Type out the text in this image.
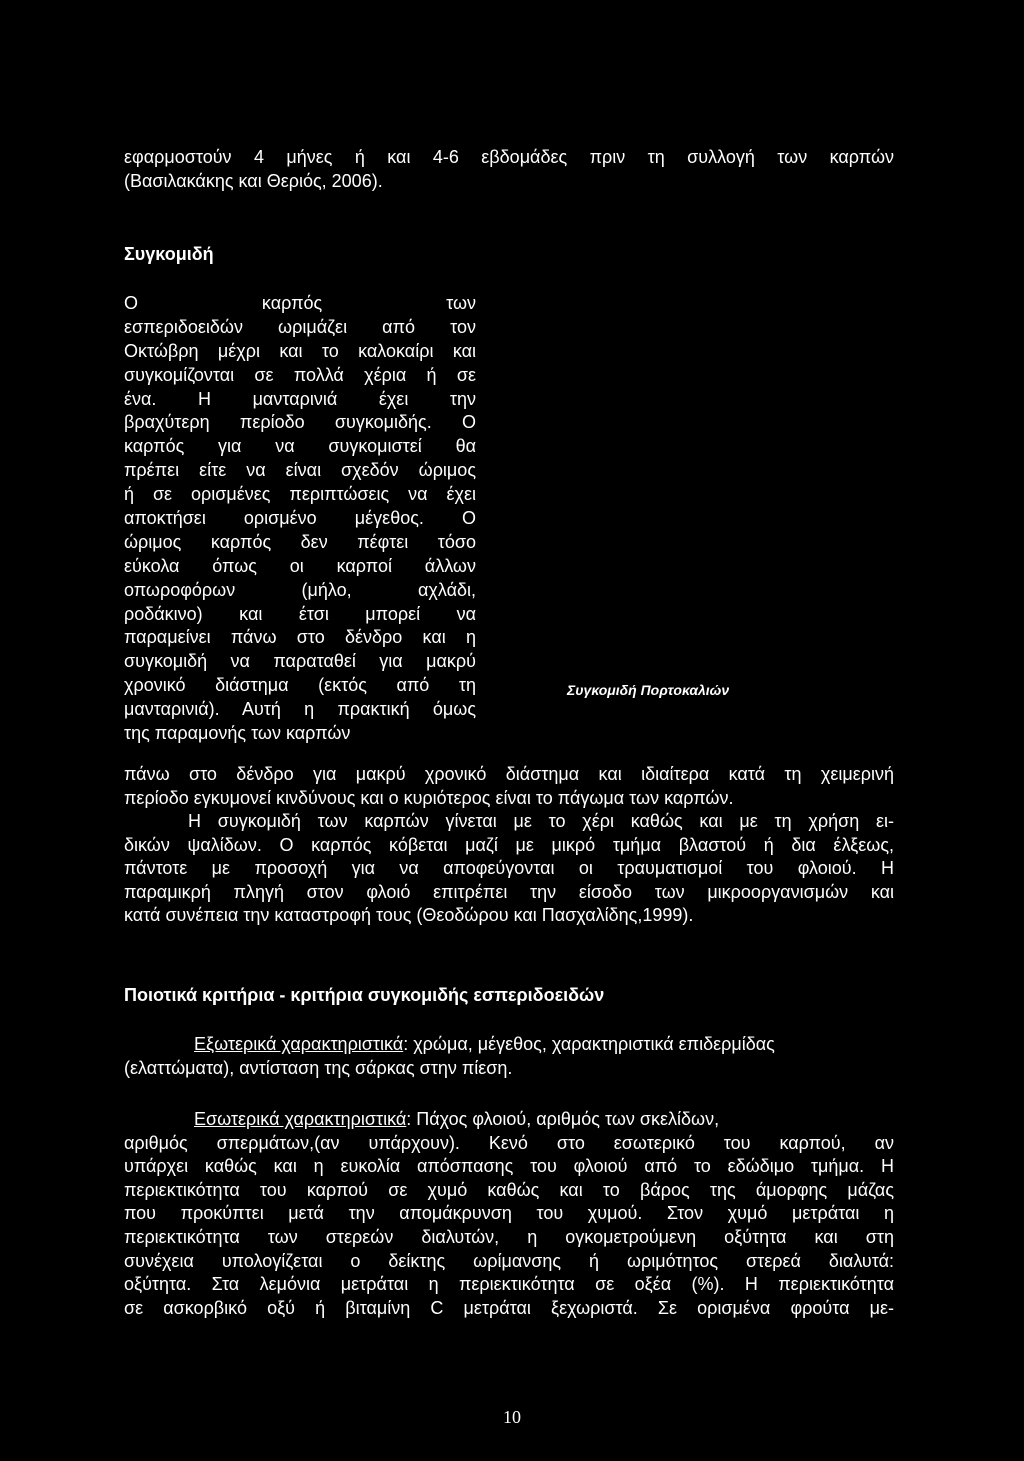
εφαρμοστούν 4 μήνες ή και 4-6 εβδομάδες πριν τη συλλογή των καρπών
(Βασιλακάκης και Θεριός, 2006).
Συγκομιδή
Ο καρπός των
εσπεριδοειδών ωριμάζει από τον
Οκτώβρη μέχρι και το καλοκαίρι και
συγκομίζονται σε πολλά χέρια ή σε
ένα. Η μανταρινιά έχει την
βραχύτερη περίοδο συγκομιδής. Ο
καρπός για να συγκομιστεί θα
πρέπει είτε να είναι σχεδόν ώριμος
ή σε ορισμένες περιπτώσεις να έχει
αποκτήσει ορισμένο μέγεθος. Ο
ώριμος καρπός δεν πέφτει τόσο
εύκολα όπως οι καρποί άλλων
οπωροφόρων (μήλο, αχλάδι,
ροδάκινο) και έτσι μπορεί να
παραμείνει πάνω στο δένδρο και η
συγκομιδή να παραταθεί για μακρύ
χρονικό διάστημα (εκτός από τη
μανταρινιά). Αυτή η πρακτική όμως
της παραμονής των καρπών
Συγκομιδή Πορτοκαλιών
πάνω στο δένδρο για μακρύ χρονικό διάστημα και ιδιαίτερα κατά τη χειμερινή
περίοδο εγκυμονεί κινδύνους και ο κυριότερος είναι το πάγωμα των καρπών.
Η συγκομιδή των καρπών γίνεται με το χέρι καθώς και με τη χρήση ει-
δικών ψαλίδων. Ο καρπός κόβεται μαζί με μικρό τμήμα βλαστού ή δια έλξεως,
πάντοτε με προσοχή για να αποφεύγονται οι τραυματισμοί του φλοιού. Η
παραμικρή πληγή στον φλοιό επιτρέπει την είσοδο των μικροοργανισμών και
κατά συνέπεια την καταστροφή τους (Θεοδώρου και Πασχαλίδης,1999).
Ποιοτικά κριτήρια - κριτήρια συγκομιδής εσπεριδοειδών
Εξωτερικά χαρακτηριστικά: χρώμα, μέγεθος, χαρακτηριστικά επιδερμίδας
(ελαττώματα), αντίσταση της σάρκας στην πίεση.
Εσωτερικά χαρακτηριστικά: Πάχος φλοιού, αριθμός των σκελίδων,
αριθμός σπερμάτων,(αν υπάρχουν). Κενό στο εσωτερικό του καρπού, αν
υπάρχει καθώς και η ευκολία απόσπασης του φλοιού από το εδώδιμο τμήμα. Η
περιεκτικότητα του καρπού σε χυμό καθώς και το βάρος της άμορφης μάζας
που προκύπτει μετά την απομάκρυνση του χυμού. Στον χυμό μετράται η
περιεκτικότητα των στερεών διαλυτών, η ογκομετρούμενη οξύτητα και στη
συνέχεια υπολογίζεται ο δείκτης ωρίμανσης ή ωριμότητος στερεά διαλυτά:
οξύτητα. Στα λεμόνια μετράται η περιεκτικότητα σε οξέα (%). Η περιεκτικότητα
σε ασκορβικό οξύ ή βιταμίνη C μετράται ξεχωριστά. Σε ορισμένα φρούτα με-
10
